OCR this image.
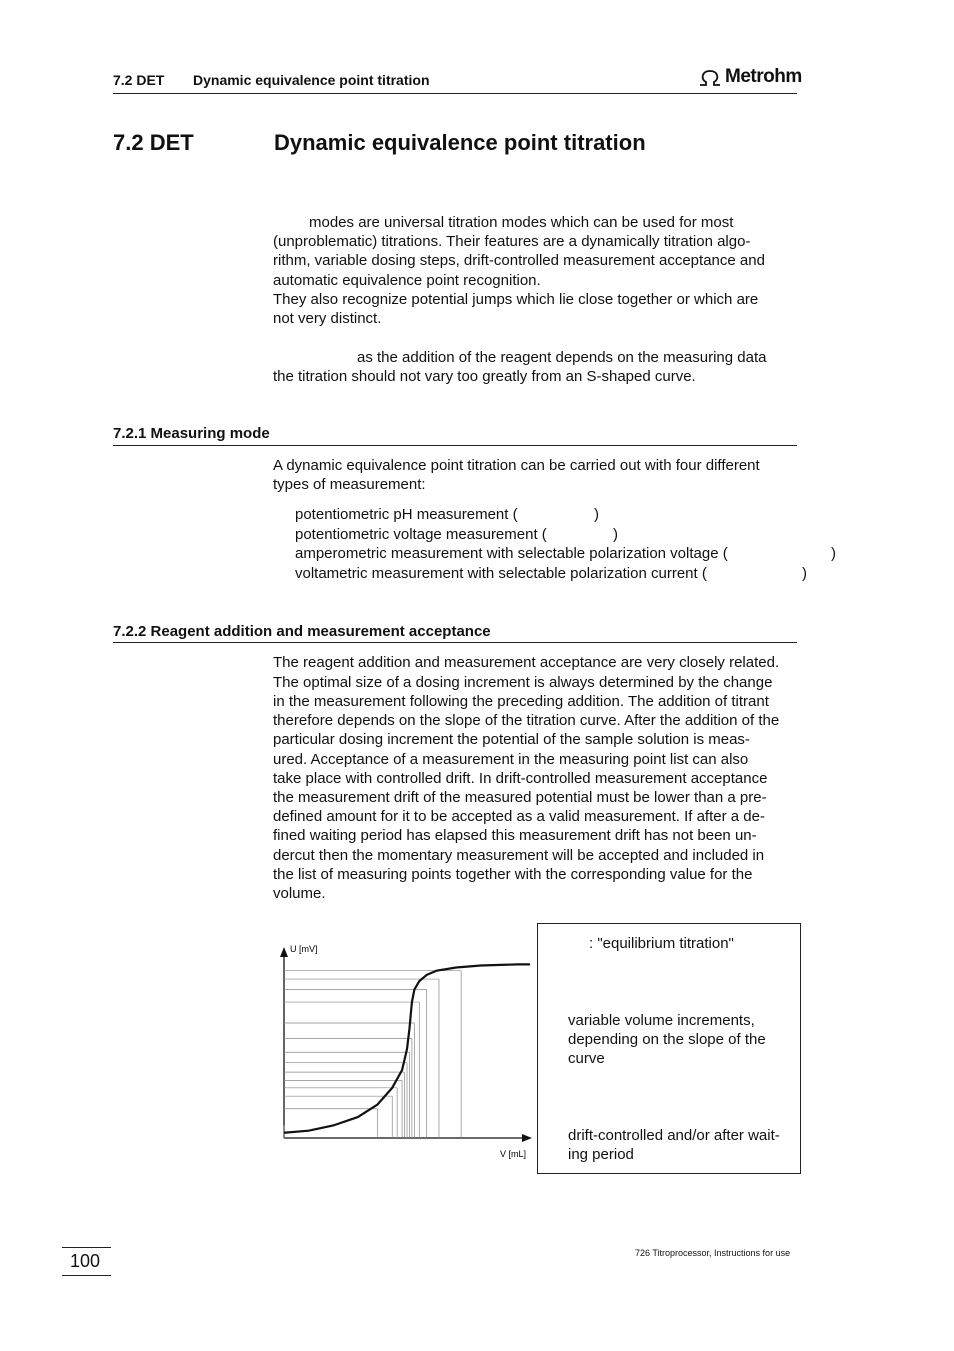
7.2 DET Dynamic equivalence point titration	Metrohm
7.2 DET	Dynamic equivalence point titration
modes are universal titration modes which can be used for most
(unproblematic) titrations. Their features are a dynamically titration algo-
rithm, variable dosing steps, drift-controlled measurement acceptance and
automatic equivalence point recognition.
They also recognize potential jumps which lie close together or which are
not very distinct.
as the addition of the reagent depends on the measuring data
the titration should not vary too greatly from an S-shaped curve.
7.2.1 Measuring mode
A dynamic equivalence point titration can be carried out with four different
types of measurement:
potentiometric pH measurement (	)
potentiometric voltage measurement (	)
amperometric measurement with selectable polarization voltage (	)
voltametric measurement with selectable polarization current (	)
7.2.2 Reagent addition and measurement acceptance
The reagent addition and measurement acceptance are very closely related.
The optimal size of a dosing increment is always determined by the change
in the measurement following the preceding addition. The addition of titrant
therefore depends on the slope of the titration curve. After the addition of the
particular dosing increment the potential of the sample solution is meas-
ured. Acceptance of a measurement in the measuring point list can also
take place with controlled drift. In drift-controlled measurement acceptance
the measurement drift of the measured potential must be lower than a pre-
defined amount for it to be accepted as a valid measurement. If after a de-
fined waiting period has elapsed this measurement drift has not been un-
dercut then the momentary measurement will be accepted and included in
the list of measuring points together with the corresponding value for the
volume.
U [mV]
V [mL]
: "equilibrium titration"
variable volume increments,
depending on the slope of the
curve
drift-controlled and/or after wait-
ing period
100	726 Titroprocessor, Instructions for use
